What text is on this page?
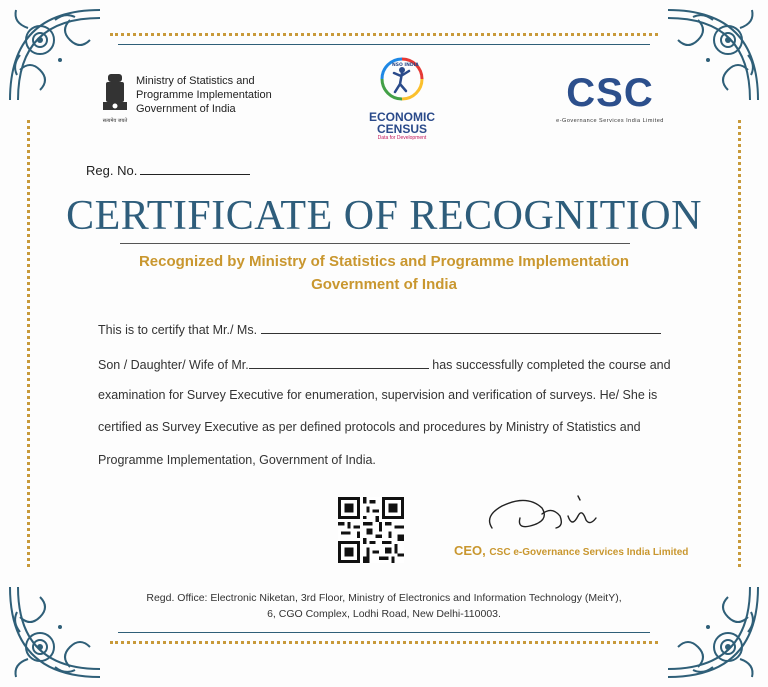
सत्यमेव जयते
Ministry of Statistics and
Programme Implementation
Government of India
NSO INDIA
ECONOMIC
CENSUS
Data for Development
CSC
e-Governance Services India Limited
Reg. No.
CERTIFICATE OF RECOGNITION
Recognized by Ministry of Statistics and Programme Implementation
Government of India
This is to certify that Mr./ Ms.
Son / Daughter/ Wife of Mr.	has successfully completed the course and
examination for Survey Executive for enumeration, supervision and verification of surveys. He/ She is
certified as Survey Executive as per defined protocols and procedures by Ministry of Statistics and
Programme Implementation, Government of India.
CEO, CSC e-Governance Services India Limited
Regd. Office: Electronic Niketan, 3rd Floor, Ministry of Electronics and Information Technology (MeitY),
6, CGO Complex, Lodhi Road, New Delhi-110003.
